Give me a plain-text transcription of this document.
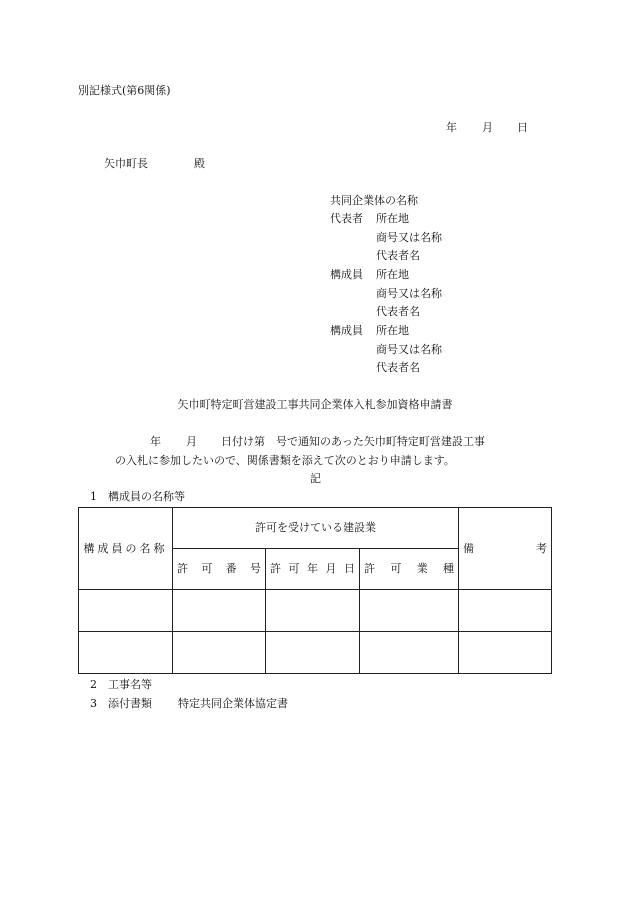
別記様式(第6関係)
年 月 日
矢巾町長	殿
共同企業体の名称
代表者 所在地
商号又は名称
代表者名
構成員 所在地
商号又は名称
代表者名
構成員 所在地
商号又は名称
代表者名
矢巾町特定町営建設工事共同企業体入札参加資格申請書
年 月 日付け第　号で通知のあった矢巾町特定町営建設工事
の入札に参加したいので、関係書類を添えて次のとおり申請します。
記
1　構成員の名称等
構成員の名称	許可を受けている建設業			備 考

	許 可 番 号	許 可 年 月 日	許 可 業 種	

2　工事名等
3　添付書類 特定共同企業体協定書
